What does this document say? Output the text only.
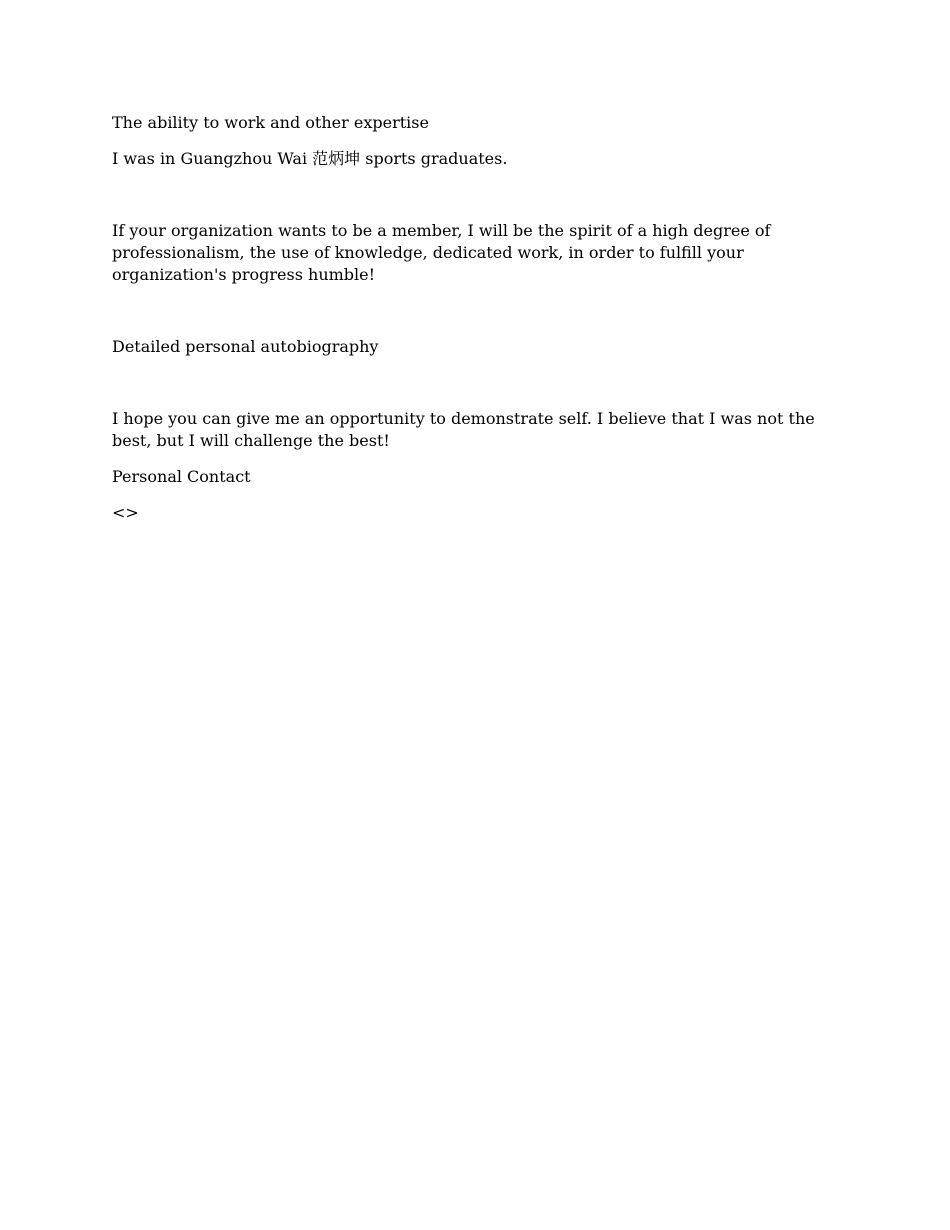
The ability to work and other expertise

I was in Guangzhou Wai 范炳坤 sports graduates.

If your organization wants to be a member, I will be the spirit of a high degree of professionalism, the use of knowledge, dedicated work, in order to fulfill your organization's progress humble!

Detailed personal autobiography

I hope you can give me an opportunity to demonstrate self. I believe that I was not the best, but I will challenge the best!

Personal Contact

<>
